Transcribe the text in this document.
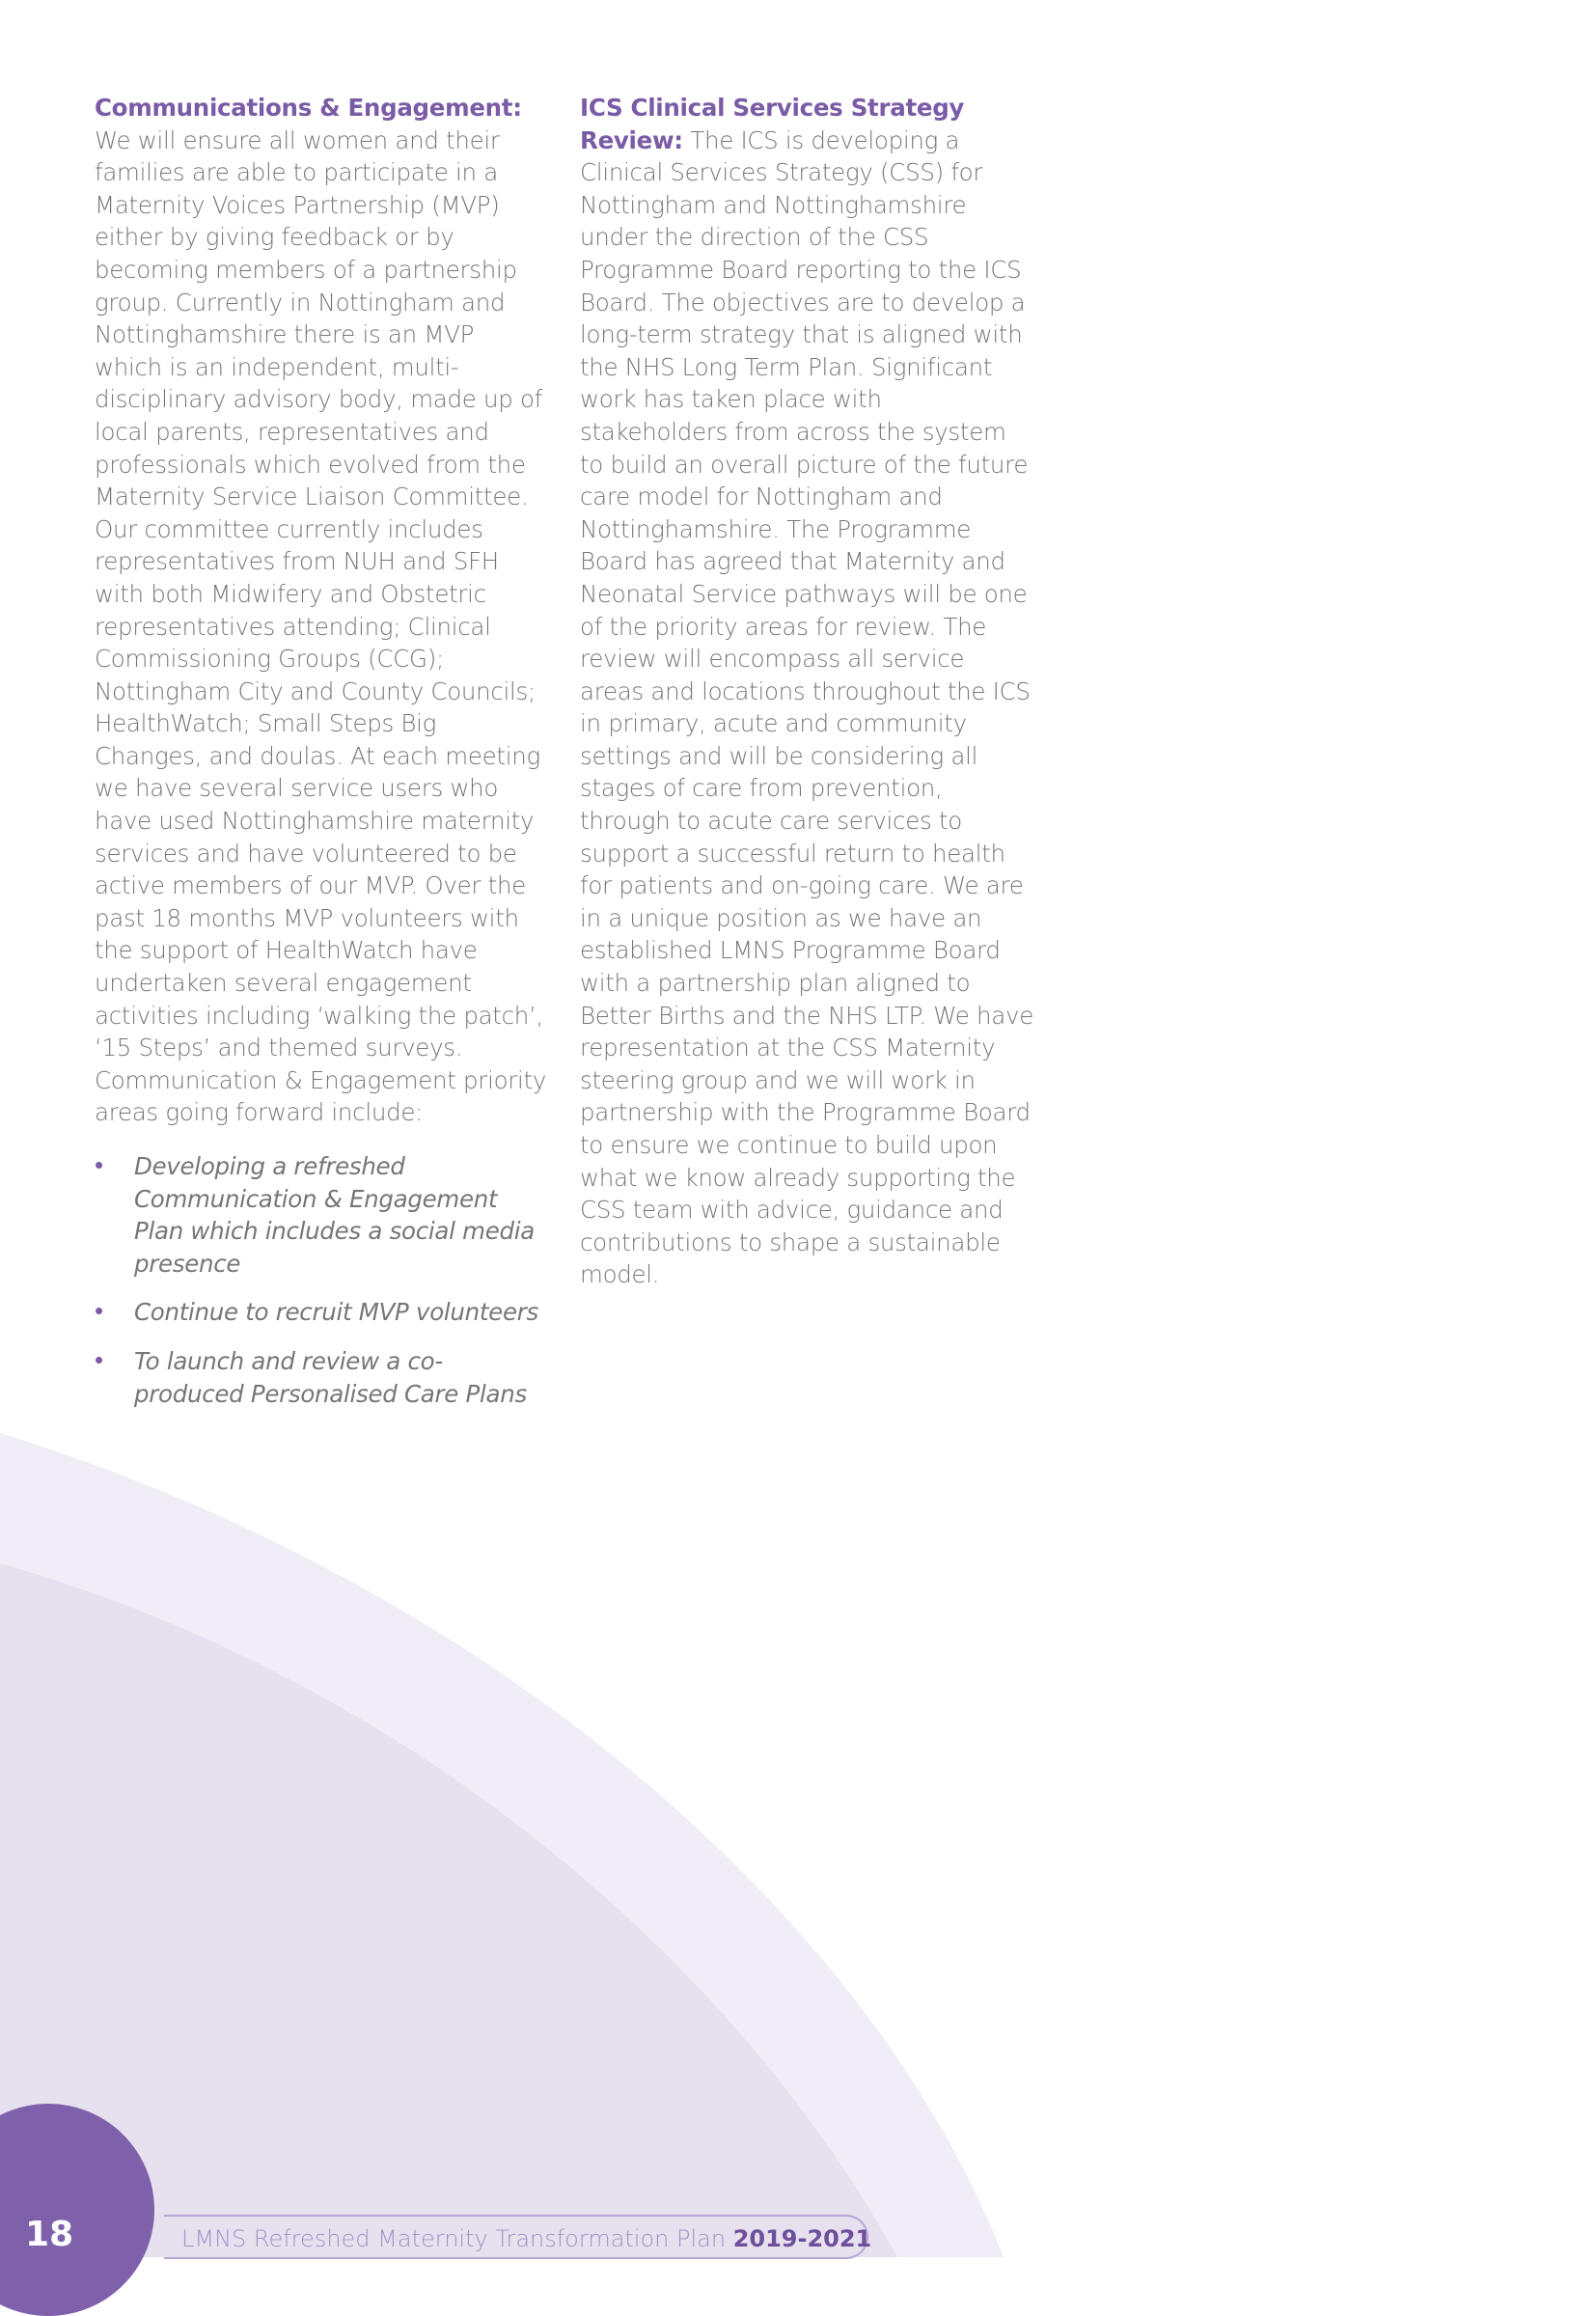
Communications & Engagement:
We will ensure all women and their families are able to participate in a Maternity Voices Partnership (MVP) either by giving feedback or by becoming members of a partnership group. Currently in Nottingham and Nottinghamshire there is an MVP which is an independent, multi-disciplinary advisory body, made up of local parents, representatives and professionals which evolved from the Maternity Service Liaison Committee. Our committee currently includes representatives from NUH and SFH with both Midwifery and Obstetric representatives attending; Clinical Commissioning Groups (CCG); Nottingham City and County Councils; HealthWatch; Small Steps Big Changes, and doulas. At each meeting we have several service users who have used Nottinghamshire maternity services and have volunteered to be active members of our MVP. Over the past 18 months MVP volunteers with the support of HealthWatch have undertaken several engagement activities including ‘walking the patch’, ‘15 Steps’ and themed surveys. Communication & Engagement priority areas going forward include:

• Developing a refreshed Communication & Engagement Plan which includes a social media presence
• Continue to recruit MVP volunteers
• To launch and review a co-produced Personalised Care Plans

ICS Clinical Services Strategy Review: The ICS is developing a Clinical Services Strategy (CSS) for Nottingham and Nottinghamshire under the direction of the CSS Programme Board reporting to the ICS Board. The objectives are to develop a long-term strategy that is aligned with the NHS Long Term Plan. Significant work has taken place with stakeholders from across the system to build an overall picture of the future care model for Nottingham and Nottinghamshire. The Programme Board has agreed that Maternity and Neonatal Service pathways will be one of the priority areas for review. The review will encompass all service areas and locations throughout the ICS in primary, acute and community settings and will be considering all stages of care from prevention, through to acute care services to support a successful return to health for patients and on-going care. We are in a unique position as we have an established LMNS Programme Board with a partnership plan aligned to Better Births and the NHS LTP. We have representation at the CSS Maternity steering group and we will work in partnership with the Programme Board to ensure we continue to build upon what we know already supporting the CSS team with advice, guidance and contributions to shape a sustainable model.

18	LMNS Refreshed Maternity Transformation Plan 2019-2021
